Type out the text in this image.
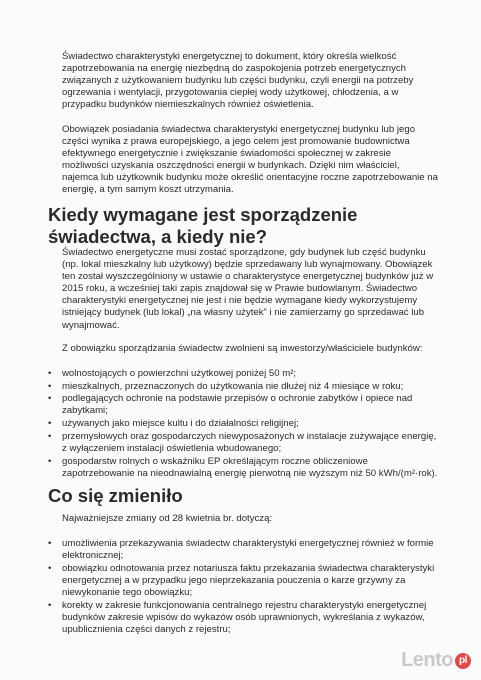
Świadectwo charakterystyki energetycznej to dokument, który określa wielkość zapotrzebowania na energię niezbędną do zaspokojenia potrzeb energetycznych związanych z użytkowaniem budynku lub części budynku, czyli energii na potrzeby ogrzewania i wentylacji, przygotowania ciepłej wody użytkowej, chłodzenia, a w przypadku budynków niemieszkalnych również oświetlenia.

Obowiązek posiadania świadectwa charakterystyki energetycznej budynku lub jego części wynika z prawa europejskiego, a jego celem jest promowanie budownictwa efektywnego energetycznie i zwiększanie świadomości społecznej w zakresie możliwości uzyskania oszczędności energii w budynkach. Dzięki nim właściciel, najemca lub użytkownik budynku może określić orientacyjne roczne zapotrzebowanie na energię, a tym samym koszt utrzymania.

Kiedy wymagane jest sporządzenie świadectwa, a kiedy nie?

Świadectwo energetyczne musi zostać sporządzone, gdy budynek lub część budynku (np. lokal mieszkalny lub użytkowy) będzie sprzedawany lub wynajmowany. Obowiązek ten został wyszczególniony w ustawie o charakterystyce energetycznej budynków już w 2015 roku, a wcześniej taki zapis znajdował się w Prawie budowlanym. Świadectwo charakterystyki energetycznej nie jest i nie będzie wymagane kiedy wykorzystujemy istniejący budynek (lub lokal) „na własny użytek” i nie zamierzamy go sprzedawać lub wynajmować.

Z obowiązku sporządzania świadectw zwolnieni są inwestorzy/właściciele budynków:

• wolnostojących o powierzchni użytkowej poniżej 50 m²;
• mieszkalnych, przeznaczonych do użytkowania nie dłużej niż 4 miesiące w roku;
• podlegających ochronie na podstawie przepisów o ochronie zabytków i opiece nad zabytkami;
• używanych jako miejsce kultu i do działalności religijnej;
• przemysłowych oraz gospodarczych niewyposażonych w instalacje zużywające energię, z wyłączeniem instalacji oświetlenia wbudowanego;
• gospodarstw rolnych o wskaźniku EP określającym roczne obliczeniowe zapotrzebowanie na nieodnawialną energię pierwotną nie wyższym niż 50 kWh/(m²·rok).
Co się zmieniło

Najważniejsze zmiany od 28 kwietnia br. dotyczą:

• umożliwienia przekazywania świadectw charakterystyki energetycznej również w formie elektronicznej;
• obowiązku odnotowania przez notariusza faktu przekazania świadectwa charakterystyki energetycznej a w przypadku jego nieprzekazania pouczenia o karze grzywny za niewykonanie tego obowiązku;
• korekty w zakresie funkcjonowania centralnego rejestru charakterystyki energetycznej budynków zakresie wpisów do wykazów osób uprawnionych, wykreślania z wykazów, upublicznienia części danych z rejestru;
Lento pl
